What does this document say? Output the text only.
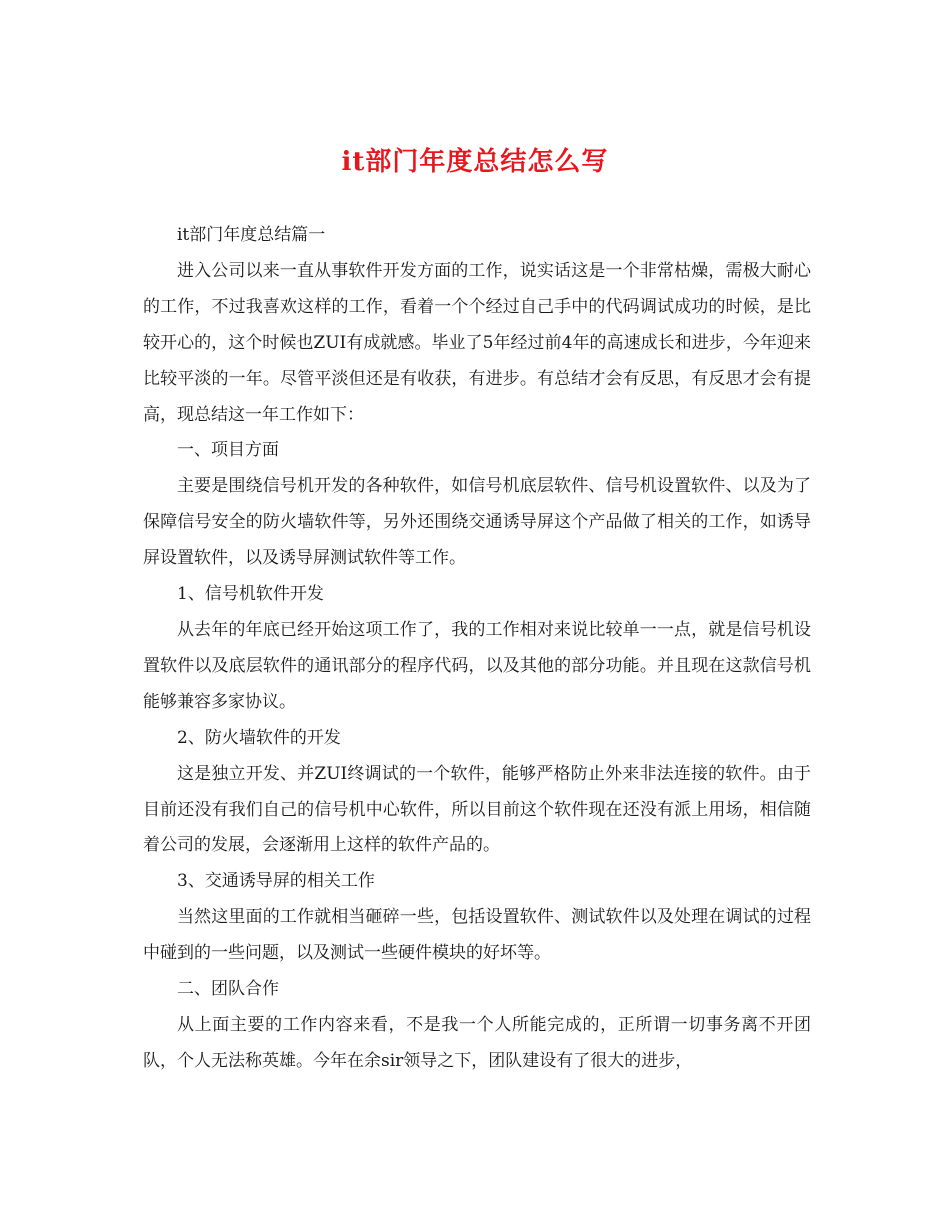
it部门年度总结怎么写

it部门年度总结篇一

进入公司以来一直从事软件开发方面的工作，说实话这是一个非常枯燥，需极大耐心的工作，不过我喜欢这样的工作，看着一个个经过自己手中的代码调试成功的时候，是比较开心的，这个时候也ZUI有成就感。毕业了5年经过前4年的高速成长和进步，今年迎来比较平淡的一年。尽管平淡但还是有收获，有进步。有总结才会有反思，有反思才会有提高，现总结这一年工作如下：

一、项目方面

主要是围绕信号机开发的各种软件，如信号机底层软件、信号机设置软件、以及为了保障信号安全的防火墙软件等，另外还围绕交通诱导屏这个产品做了相关的工作，如诱导屏设置软件，以及诱导屏测试软件等工作。

1、信号机软件开发

从去年的年底已经开始这项工作了，我的工作相对来说比较单一一点，就是信号机设置软件以及底层软件的通讯部分的程序代码，以及其他的部分功能。并且现在这款信号机能够兼容多家协议。

2、防火墙软件的开发

这是独立开发、并ZUI终调试的一个软件，能够严格防止外来非法连接的软件。由于目前还没有我们自己的信号机中心软件，所以目前这个软件现在还没有派上用场，相信随着公司的发展，会逐渐用上这样的软件产品的。

3、交通诱导屏的相关工作

当然这里面的工作就相当砸碎一些，包括设置软件、测试软件以及处理在调试的过程中碰到的一些问题，以及测试一些硬件模块的好坏等。

二、团队合作

从上面主要的工作内容来看，不是我一个人所能完成的，正所谓一切事务离不开团队，个人无法称英雄。今年在余sir领导之下，团队建设有了很大的进步，
